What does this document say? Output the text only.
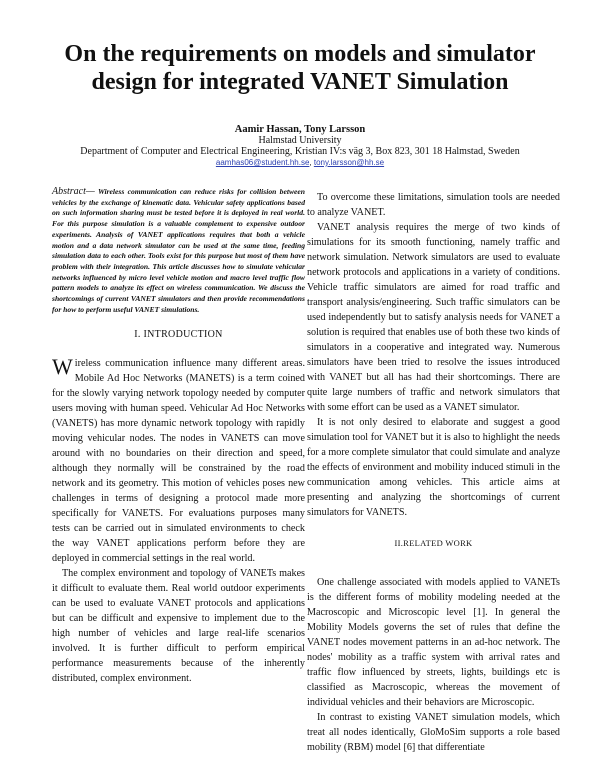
On the requirements on models and simulator design for integrated VANET Simulation
Aamir Hassan, Tony Larsson
Halmstad University
Department of Computer and Electrical Engineering, Kristian IV:s väg 3, Box 823, 301 18 Halmstad, Sweden
aamhas06@student.hh.se, tony.larsson@hh.se

Abstract— Wireless communication can reduce risks for collision between vehicles by the exchange of kinematic data. Vehicular safety applications based on such information sharing must be tested before it is deployed in real world. For this purpose simulation is a valuable complement to expensive outdoor experiments. Analysis of VANET applications requires that both a vehicle motion and a data network simulator can be used at the same time, feeding simulation data to each other. Tools exist for this purpose but most of them have problem with their integration. This article discusses how to simulate vehicular networks influenced by micro level vehicle motion and macro level traffic flow pattern models to analyze its effect on wireless communication. We discuss the shortcomings of current VANET simulators and then provide recommendations for how to perform useful VANET simulations.

I. INTRODUCTION

Wireless communication influence many different areas. Mobile Ad Hoc Networks (MANETS) is a term coined for the slowly varying network topology needed by computer users moving with human speed. Vehicular Ad Hoc Networks (VANETS) has more dynamic network topology with rapidly moving vehicular nodes. The nodes in VANETS can move around with no boundaries on their direction and speed, although they normally will be constrained by the road network and its geometry. This motion of vehicles poses new challenges in terms of designing a protocol made more specifically for VANETS. For evaluations purposes many tests can be carried out in simulated environments to check the way VANET applications perform before they are deployed in commercial settings in the real world.

The complex environment and topology of VANETs makes it difficult to evaluate them. Real world outdoor experiments can be used to evaluate VANET protocols and applications but can be difficult and expensive to implement due to the high number of vehicles and large real-life scenarios involved. It is further difficult to perform empirical performance measurements because of the inherently distributed, complex environment.

To overcome these limitations, simulation tools are needed to analyze VANET.

VANET analysis requires the merge of two kinds of simulations for its smooth functioning, namely traffic and network simulation. Network simulators are used to evaluate network protocols and applications in a variety of conditions. Vehicle traffic simulators are aimed for road traffic and transport analysis/engineering. Such traffic simulators can be used independently but to satisfy analysis needs for VANET a solution is required that enables use of both these two kinds of simulators in a cooperative and integrated way. Numerous simulators have been tried to resolve the issues introduced with VANET but all has had their shortcomings. There are quite large numbers of traffic and network simulators that with some effort can be used as a VANET simulator.

It is not only desired to elaborate and suggest a good simulation tool for VANET but it is also to highlight the needs for a more complete simulator that could simulate and analyze the effects of environment and mobility induced stimuli in the communication among vehicles. This article aims at presenting and analyzing the shortcomings of current simulators for VANETS.

II.RELATED WORK

One challenge associated with models applied to VANETs is the different forms of mobility modeling needed at the Macroscopic and Microscopic level [1]. In general the Mobility Models governs the set of rules that define the VANET nodes movement patterns in an ad-hoc network. The nodes' mobility as a traffic system with arrival rates and traffic flow influenced by streets, lights, buildings etc is classified as Macroscopic, whereas the movement of individual vehicles and their behaviors are Microscopic.

In contrast to existing VANET simulation models, which treat all nodes identically, GloMoSim supports a role based mobility (RBM) model [6] that differentiate
